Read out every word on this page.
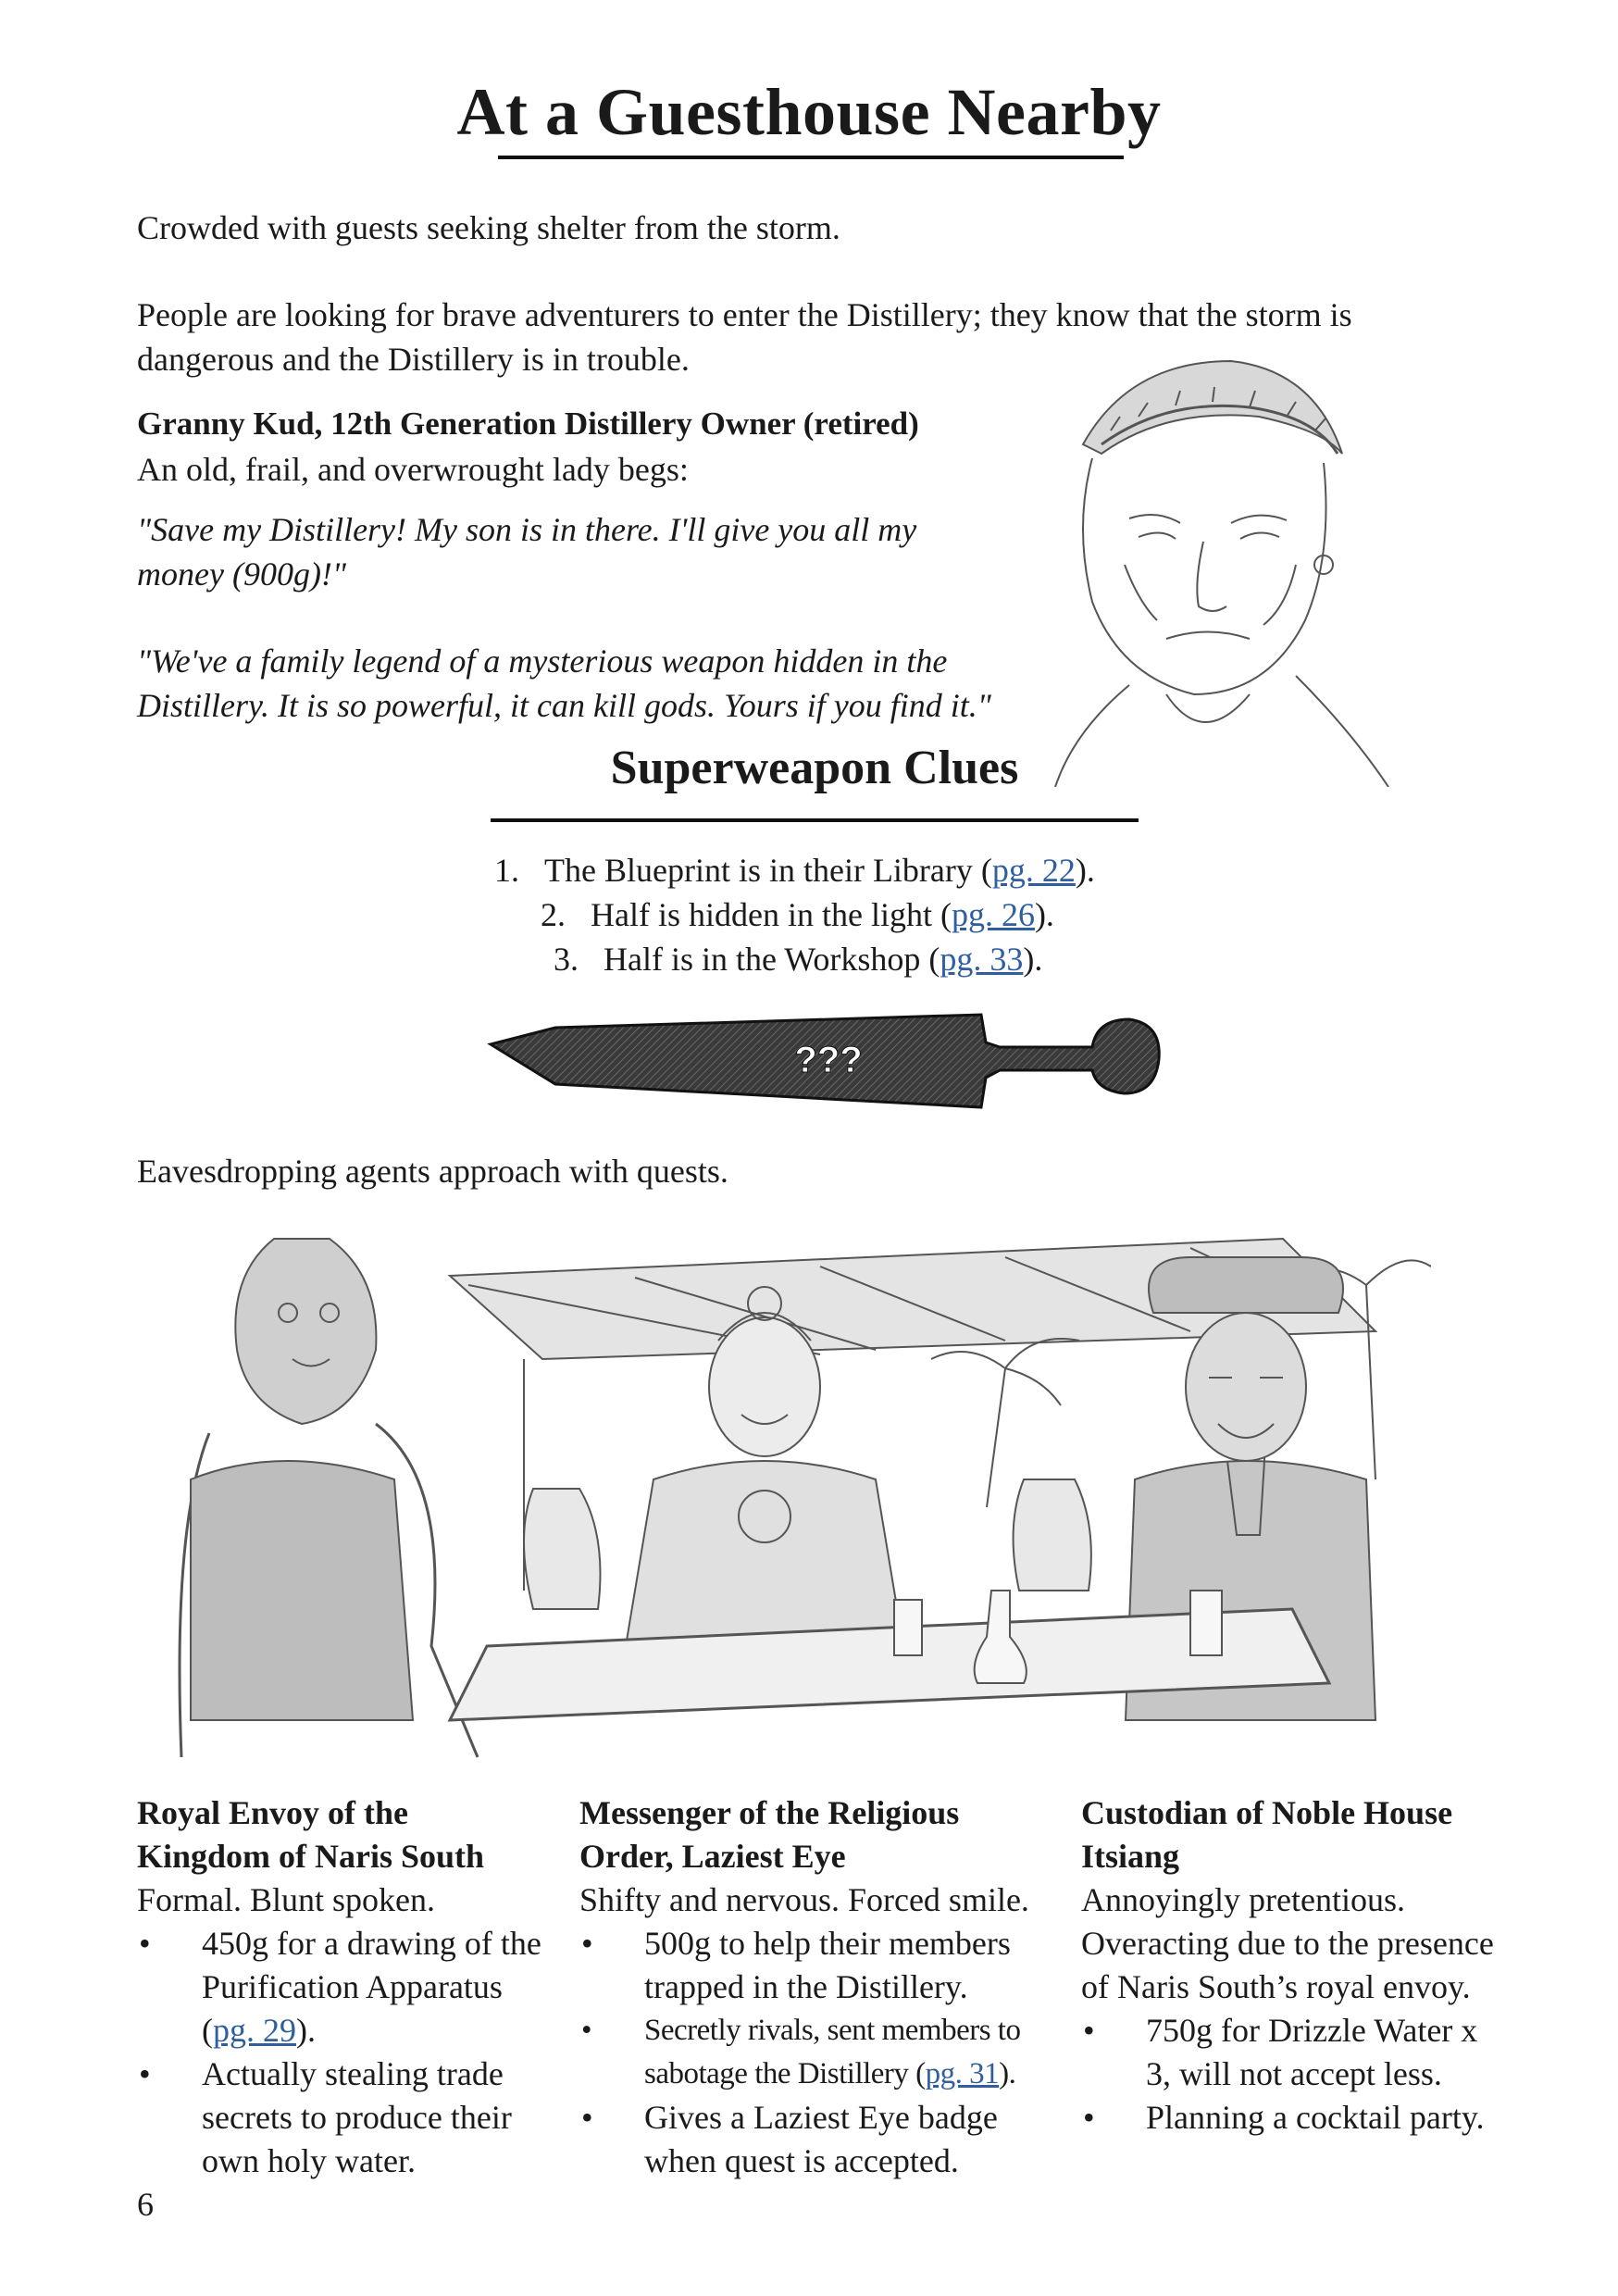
At a Guesthouse Nearby
Crowded with guests seeking shelter from the storm.
People are looking for brave adventurers to enter the Distillery; they know that the storm is dangerous and the Distillery is in trouble.
Granny Kud, 12th Generation Distillery Owner (retired)
An old, frail, and overwrought lady begs:
"Save my Distillery! My son is in there. I'll give you all my money (900g)!"
"We've a family legend of a mysterious weapon hidden in the Distillery. It is so powerful, it can kill gods. Yours if you find it."
Superweapon Clues
1. The Blueprint is in their Library (pg. 22).
2. Half is hidden in the light (pg. 26).
3. Half is in the Workshop (pg. 33).
???
Eavesdropping agents approach with quests.
Royal Envoy of the Kingdom of Naris South
Formal. Blunt spoken.
• 450g for a drawing of the Purification Apparatus (pg. 29).
• Actually stealing trade secrets to produce their own holy water.
Messenger of the Religious Order, Laziest Eye
Shifty and nervous. Forced smile.
• 500g to help their members trapped in the Distillery.
• Secretly rivals, sent members to sabotage the Distillery (pg. 31).
• Gives a Laziest Eye badge when quest is accepted.
Custodian of Noble House Itsiang
Annoyingly pretentious. Overacting due to the presence of Naris South’s royal envoy.
• 750g for Drizzle Water x 3, will not accept less.
• Planning a cocktail party.
6
